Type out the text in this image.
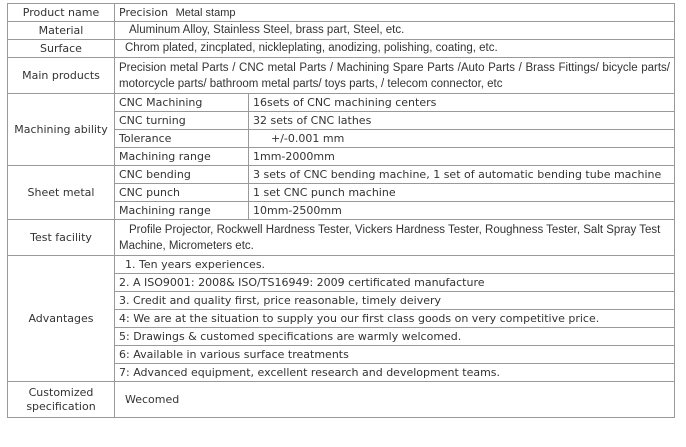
Product name	Precision Metal stamp	
Material	Aluminum Alloy, Stainless Steel, brass part, Steel, etc.	
Surface	Chrom plated, zincplated, nickleplating, anodizing, polishing, coating, etc.	
Main products	Precision metal Parts / CNC metal Parts / Machining Spare Parts /Auto Parts / Brass Fittings/ bicycle parts/ motorcycle parts/ bathroom metal parts/ toys parts, / telecom connector, etc	
Machining ability	CNC Machining	16sets of CNC machining centers
	CNC turning	32 sets of CNC lathes
	Tolerance	+/-0.001 mm
	Machining range	1mm-2000mm
Sheet metal	CNC bending	3 sets of CNC bending machine, 1 set of automatic bending tube machine
	CNC punch	1 set CNC punch machine
	Machining range	10mm-2500mm
Test facility	Profile Projector, Rockwell Hardness Tester, Vickers Hardness Tester, Roughness Tester, Salt Spray Test Machine, Micrometers etc.	
Advantages	1. Ten years experiences.	
	2. A ISO9001: 2008& ISO/TS16949: 2009 certificated manufacture	
	3. Credit and quality first, price reasonable, timely deivery	
	4: We are at the situation to supply you our first class goods on very competitive price.	
	5: Drawings & customed specifications are warmly welcomed.	
	6: Available in various surface treatments	
	7: Advanced equipment, excellent research and development teams.	

Customized
specification	Wecomed	
